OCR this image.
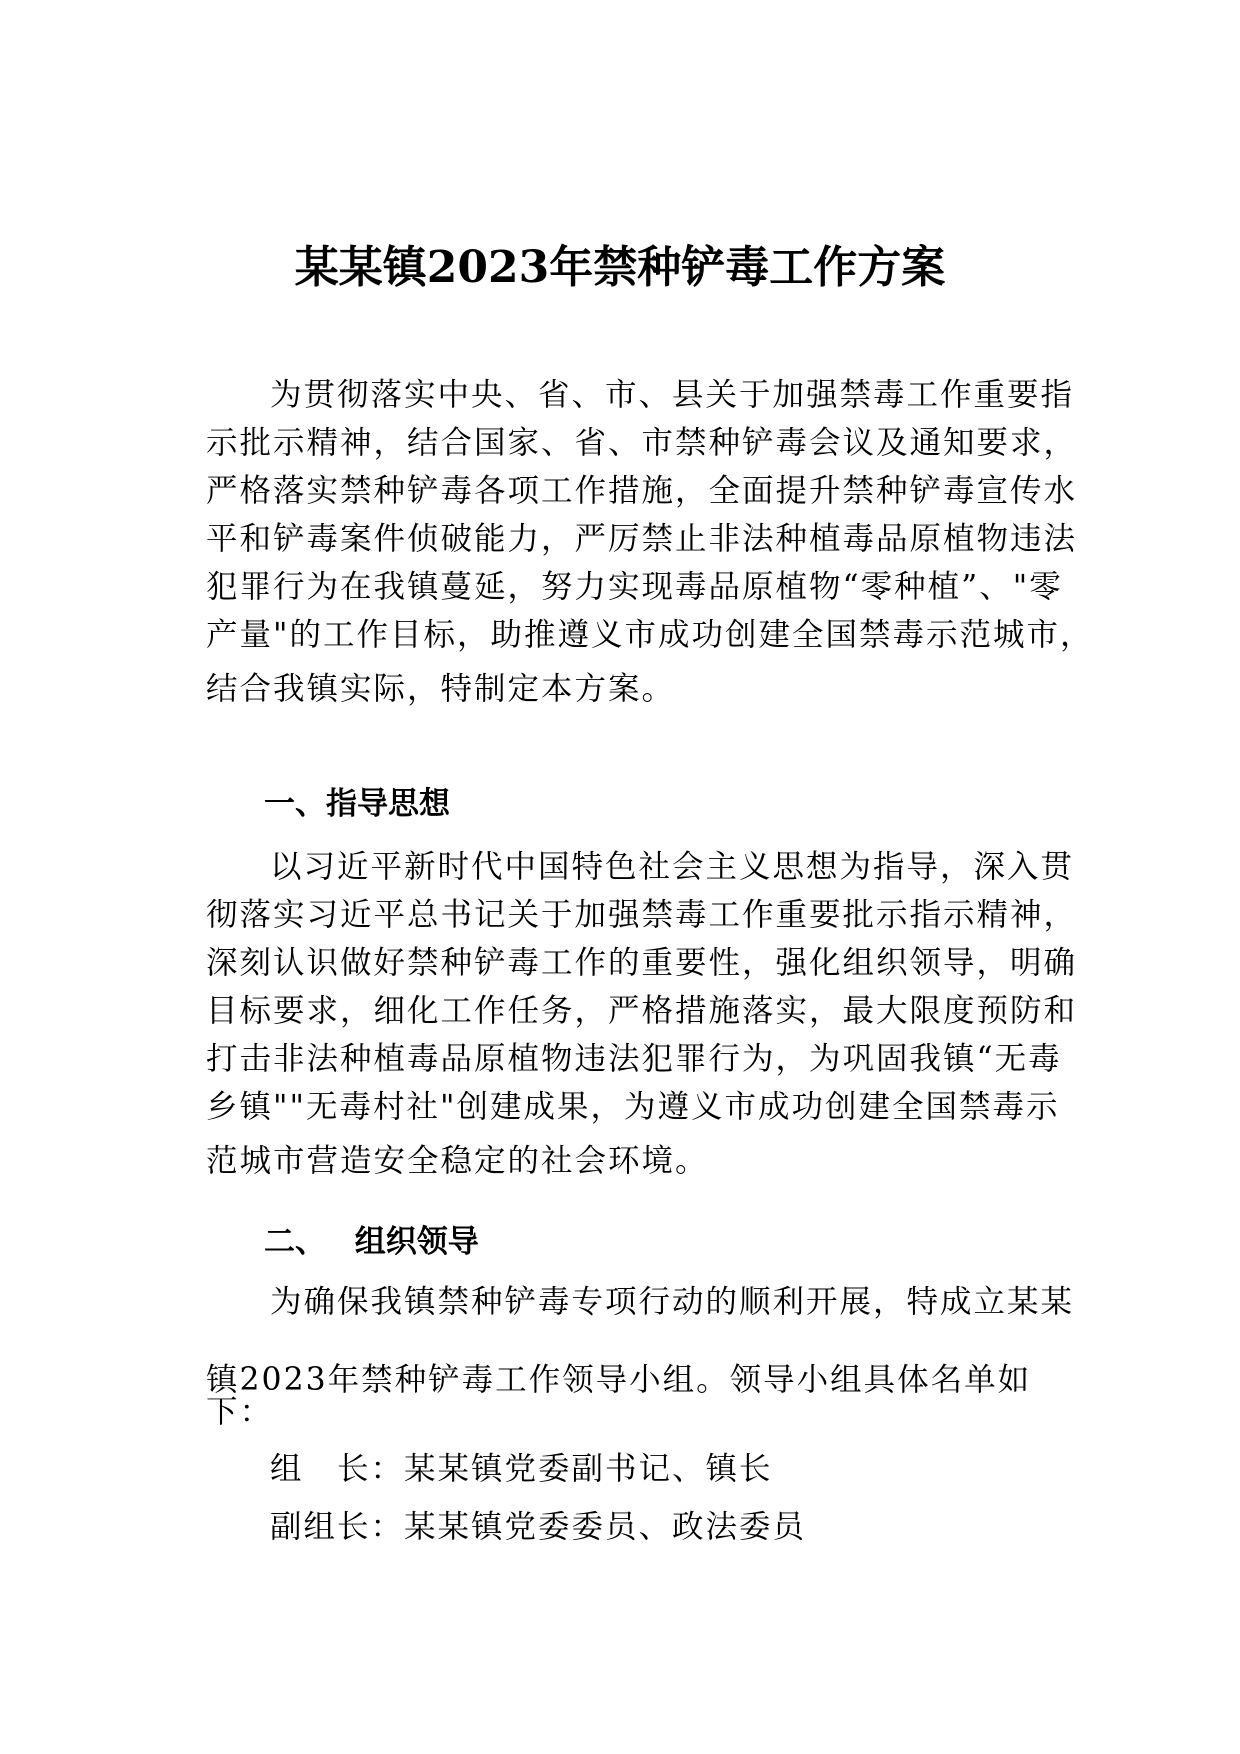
某某镇2023年禁种铲毒工作方案
为贯彻落实中央、省、市、县关于加强禁毒工作重要指
示批示精神，结合国家、省、市禁种铲毒会议及通知要求，
严格落实禁种铲毒各项工作措施，全面提升禁种铲毒宣传水
平和铲毒案件侦破能力，严厉禁止非法种植毒品原植物违法
犯罪行为在我镇蔓延，努力实现毒品原植物“零种植”、"零
产量"的工作目标，助推遵义市成功创建全国禁毒示范城市，
结合我镇实际，特制定本方案。
一、指导思想
以习近平新时代中国特色社会主义思想为指导，深入贯
彻落实习近平总书记关于加强禁毒工作重要批示指示精神，
深刻认识做好禁种铲毒工作的重要性，强化组织领导，明确
目标要求，细化工作任务，严格措施落实，最大限度预防和
打击非法种植毒品原植物违法犯罪行为，为巩固我镇“无毒
乡镇""无毒村社"创建成果，为遵义市成功创建全国禁毒示
范城市营造安全稳定的社会环境。
二、 组织领导
为确保我镇禁种铲毒专项行动的顺利开展，特成立某某
镇2023年禁种铲毒工作领导小组。领导小组具体名单如
下：
组　长：某某镇党委副书记、镇长
副组长：某某镇党委委员、政法委员
